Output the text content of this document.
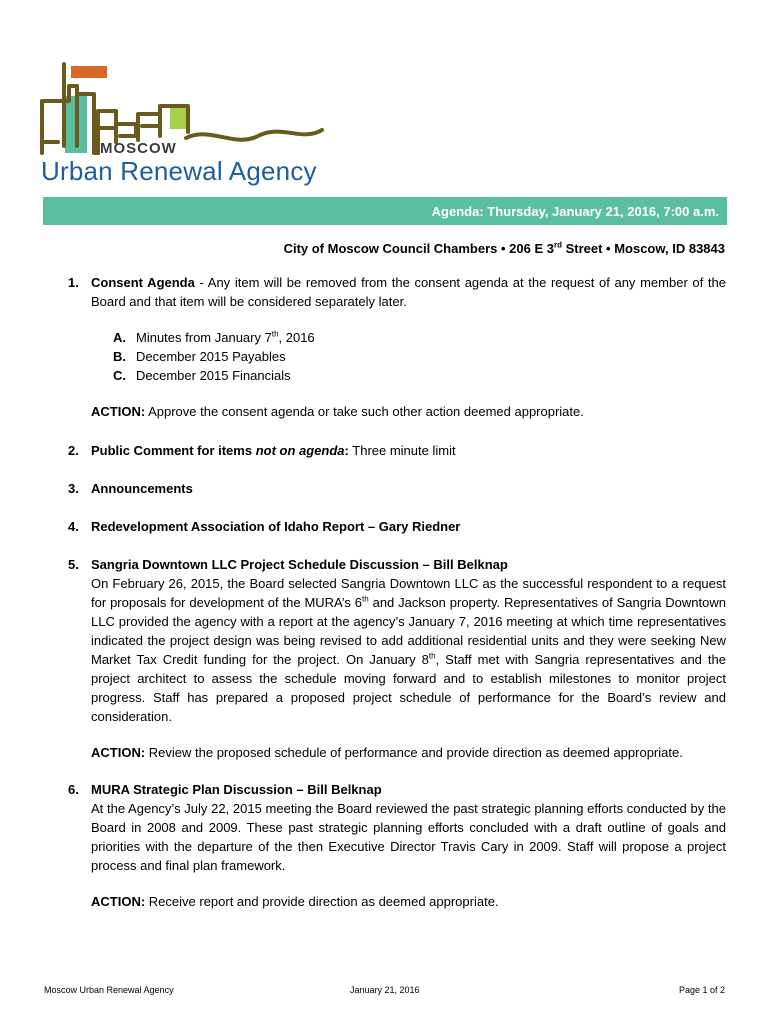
MOSCOW
Urban Renewal Agency
Agenda: Thursday, January 21, 2016, 7:00 a.m.
City of Moscow Council Chambers • 206 E 3rd Street • Moscow, ID 83843
1. Consent Agenda - Any item will be removed from the consent agenda at the request of any member of the Board and that item will be considered separately later.
A. Minutes from January 7th, 2016
B. December 2015 Payables
C. December 2015 Financials
ACTION: Approve the consent agenda or take such other action deemed appropriate.
2. Public Comment for items not on agenda: Three minute limit
3. Announcements
4. Redevelopment Association of Idaho Report – Gary Riedner
5. Sangria Downtown LLC Project Schedule Discussion – Bill Belknap
On February 26, 2015, the Board selected Sangria Downtown LLC as the successful respondent to a request for proposals for development of the MURA’s 6th and Jackson property. Representatives of Sangria Downtown LLC provided the agency with a report at the agency’s January 7, 2016 meeting at which time representatives indicated the project design was being revised to add additional residential units and they were seeking New Market Tax Credit funding for the project. On January 8th, Staff met with Sangria representatives and the project architect to assess the schedule moving forward and to establish milestones to monitor project progress. Staff has prepared a proposed project schedule of performance for the Board’s review and consideration.
ACTION: Review the proposed schedule of performance and provide direction as deemed appropriate.
6. MURA Strategic Plan Discussion – Bill Belknap
At the Agency’s July 22, 2015 meeting the Board reviewed the past strategic planning efforts conducted by the Board in 2008 and 2009. These past strategic planning efforts concluded with a draft outline of goals and priorities with the departure of the then Executive Director Travis Cary in 2009. Staff will propose a project process and final plan framework.
ACTION: Receive report and provide direction as deemed appropriate.
Moscow Urban Renewal Agency	January 21, 2016	Page 1 of 2
